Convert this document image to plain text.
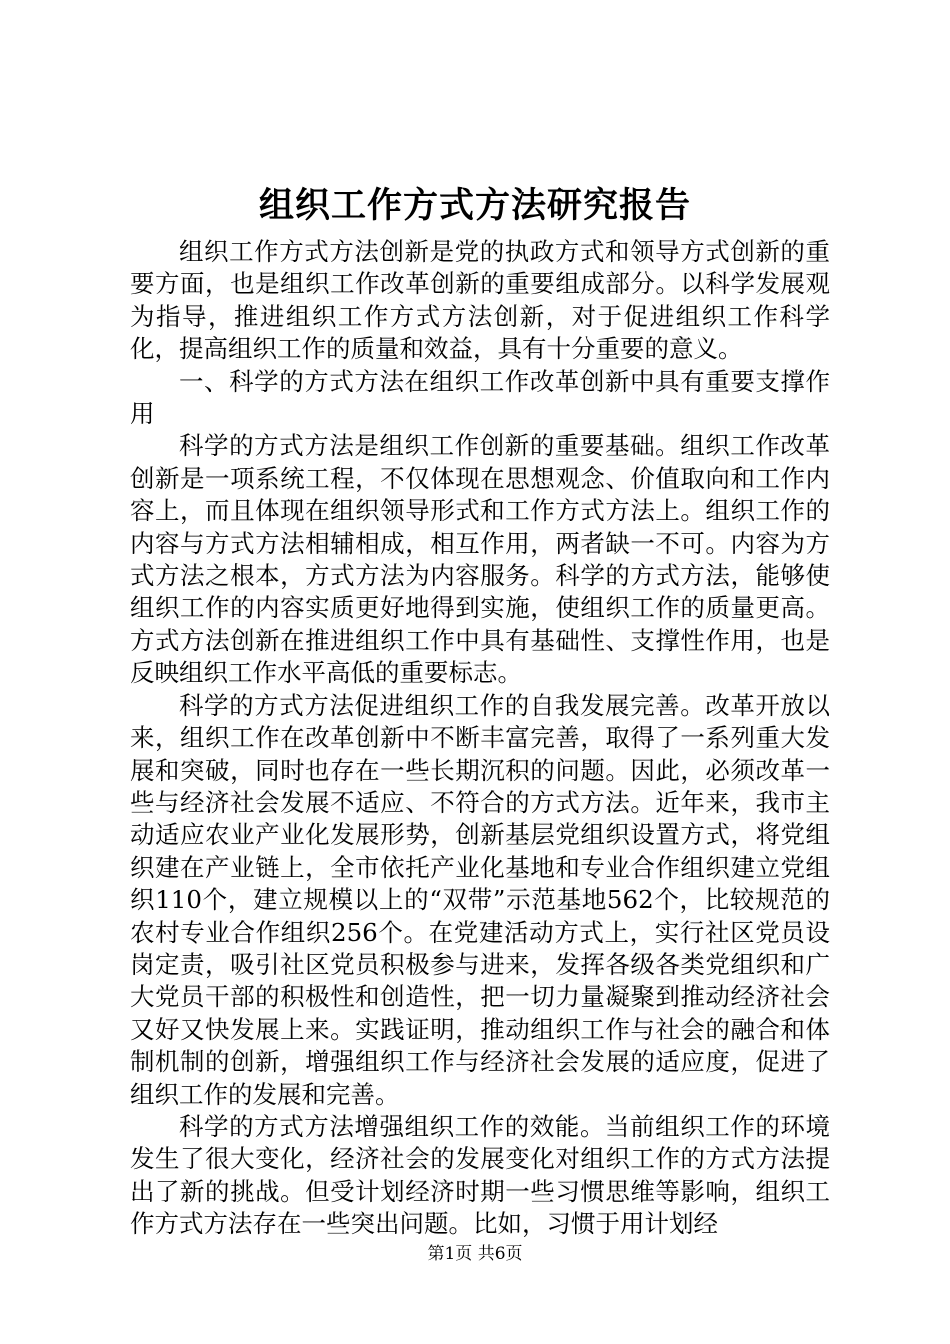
组织工作方式方法研究报告

组织工作方式方法创新是党的执政方式和领导方式创新的重要方面，也是组织工作改革创新的重要组成部分。以科学发展观为指导，推进组织工作方式方法创新，对于促进组织工作科学化，提高组织工作的质量和效益，具有十分重要的意义。

一、科学的方式方法在组织工作改革创新中具有重要支撑作用

科学的方式方法是组织工作创新的重要基础。组织工作改革创新是一项系统工程，不仅体现在思想观念、价值取向和工作内容上，而且体现在组织领导形式和工作方式方法上。组织工作的内容与方式方法相辅相成，相互作用，两者缺一不可。内容为方式方法之根本，方式方法为内容服务。科学的方式方法，能够使组织工作的内容实质更好地得到实施，使组织工作的质量更高。方式方法创新在推进组织工作中具有基础性、支撑性作用，也是反映组织工作水平高低的重要标志。

科学的方式方法促进组织工作的自我发展完善。改革开放以来，组织工作在改革创新中不断丰富完善，取得了一系列重大发展和突破，同时也存在一些长期沉积的问题。因此，必须改革一些与经济社会发展不适应、不符合的方式方法。近年来，我市主动适应农业产业化发展形势，创新基层党组织设置方式，将党组织建在产业链上，全市依托产业化基地和专业合作组织建立党组织110个，建立规模以上的“双带”示范基地562个，比较规范的农村专业合作组织256个。在党建活动方式上，实行社区党员设岗定责，吸引社区党员积极参与进来，发挥各级各类党组织和广大党员干部的积极性和创造性，把一切力量凝聚到推动经济社会又好又快发展上来。实践证明，推动组织工作与社会的融合和体制机制的创新，增强组织工作与经济社会发展的适应度，促进了组织工作的发展和完善。

科学的方式方法增强组织工作的效能。当前组织工作的环境发生了很大变化，经济社会的发展变化对组织工作的方式方法提出了新的挑战。但受计划经济时期一些习惯思维等影响，组织工作方式方法存在一些突出问题。比如，习惯于用计划经

第1页 共6页
